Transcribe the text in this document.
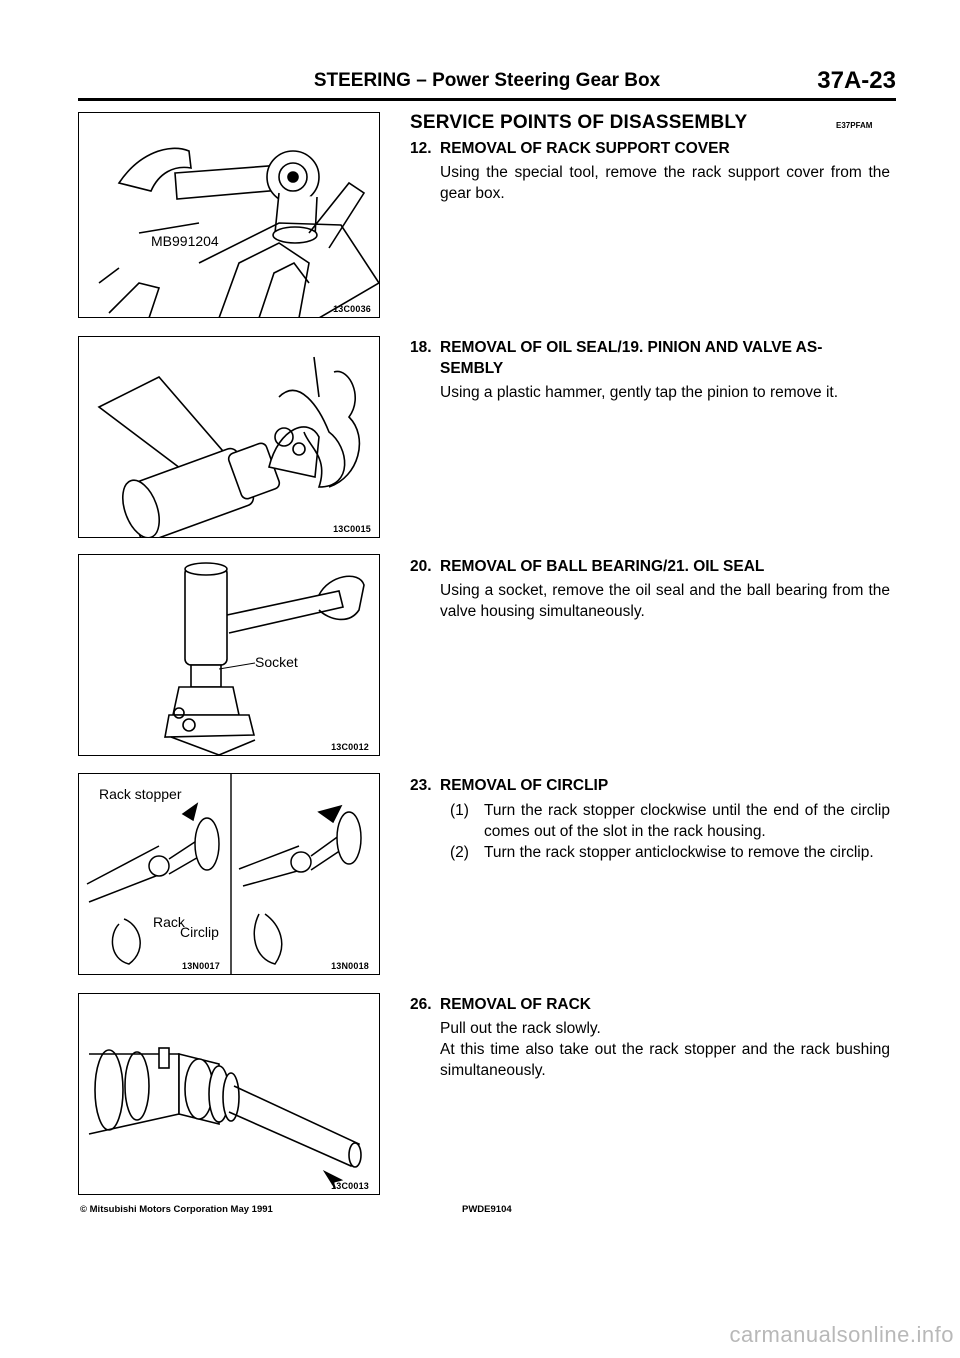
STEERING – Power Steering Gear Box	37A-23
MB991204
13C0036
13C0015
Socket
13C0012
Rack stopper
Rack
Circlip
13N0017	13N0018
13C0013
SERVICE POINTS OF DISASSEMBLY	E37PFAM
12. REMOVAL OF RACK SUPPORT COVER
Using the special tool, remove the rack support cover from the gear box.
18. REMOVAL OF OIL SEAL/19. PINION AND VALVE AS-
SEMBLY
Using a plastic hammer, gently tap the pinion to remove it.
20. REMOVAL OF BALL BEARING/21. OIL SEAL
Using a socket, remove the oil seal and the ball bearing from the valve housing simultaneously.
23. REMOVAL OF CIRCLIP
(1) Turn the rack stopper clockwise until the end of the circlip comes out of the slot in the rack housing.
(2) Turn the rack stopper anticlockwise to remove the circlip.
26. REMOVAL OF RACK
Pull out the rack slowly.
At this time also take out the rack stopper and the rack bushing simultaneously.
© Mitsubishi Motors Corporation May 1991	PWDE9104
carmanualsonline.info
